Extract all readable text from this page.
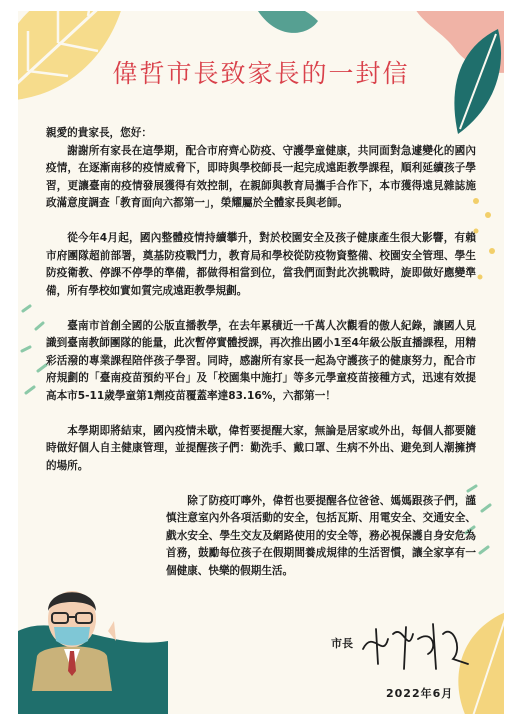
偉哲市長致家長的一封信

親愛的貴家長，您好：

謝謝所有家長在這學期，配合市府齊心防疫、守護學童健康，共同面對急遽變化的國內疫情，在逐漸南移的疫情威脅下，即時與學校師長一起完成遠距教學課程，順利延續孩子學習，更讓臺南的疫情發展獲得有效控制，在親師與教育局攜手合作下，本市獲得遠見雜誌施政滿意度調查「教育面向六都第一」，榮耀屬於全體家長與老師。

從今年4月起，國內整體疫情持續攀升，對於校園安全及孩子健康產生很大影響，有賴市府團隊超前部署，奠基防疫戰鬥力，教育局和學校從防疫物資整備、校園安全管理、學生防疫衛教、停課不停學的準備，都做得相當到位，當我們面對此次挑戰時，旋即做好應變準備，所有學校如實如質完成遠距教學規劃。

臺南市首創全國的公版直播教學，在去年累積近一千萬人次觀看的傲人紀錄，讓國人見識到臺南教師團隊的能量，此次暫停實體授課，再次推出國小1至4年級公版直播課程，用精彩活潑的專業課程陪伴孩子學習。同時，感謝所有家長一起為守護孩子的健康努力，配合市府規劃的「臺南疫苗預約平台」及「校園集中施打」等多元學童疫苗接種方式，迅速有效提高本市5-11歲學童第1劑疫苗覆蓋率達83.16%，六都第一！

本學期即將結束，國內疫情未歇，偉哲要提醒大家，無論是居家或外出，每個人都要隨時做好個人自主健康管理，並提醒孩子們：勤洗手、戴口罩、生病不外出、避免到人潮擁擠的場所。

除了防疫叮嚀外，偉哲也要提醒各位爸爸、媽媽跟孩子們，謹慎注意室內外各項活動的安全，包括瓦斯、用電安全、交通安全、戲水安全、學生交友及網路使用的安全等，務必視保護自身安危為首務，鼓勵每位孩子在假期間養成規律的生活習慣，讓全家享有一個健康、快樂的假期生活。

市長
2022年6月
